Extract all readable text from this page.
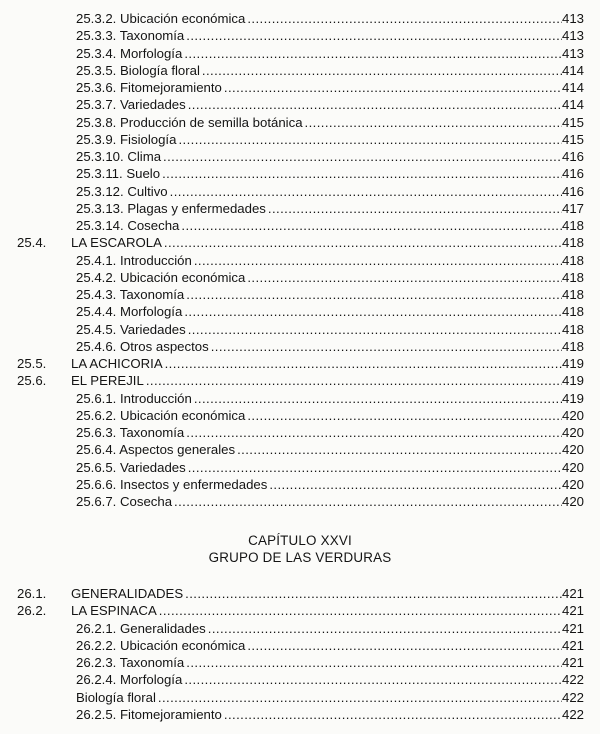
25.3.2. Ubicación económica .....	413
25.3.3. Taxonomía .....	413
25.3.4. Morfología .....	413
25.3.5. Biología floral .....	414
25.3.6. Fitomejoramiento .....	414
25.3.7. Variedades .....	414
25.3.8. Producción de semilla botánica .....	415
25.3.9. Fisiología .....	415
25.3.10. Clima .....	416
25.3.11. Suelo .....	416
25.3.12. Cultivo .....	416
25.3.13. Plagas y enfermedades .....	417
25.3.14. Cosecha .....	418
25.4. LA ESCAROLA .....	418
25.4.1. Introducción .....	418
25.4.2. Ubicación económica .....	418
25.4.3. Taxonomía .....	418
25.4.4. Morfología .....	418
25.4.5. Variedades .....	418
25.4.6. Otros aspectos .....	418
25.5. LA ACHICORIA .....	419
25.6. EL PEREJIL .....	419
25.6.1. Introducción .....	419
25.6.2. Ubicación económica .....	420
25.6.3. Taxonomía .....	420
25.6.4. Aspectos generales .....	420
25.6.5. Variedades .....	420
25.6.6. Insectos y enfermedades .....	420
25.6.7. Cosecha .....	420
CAPÍTULO XXVI
GRUPO DE LAS VERDURAS
26.1. GENERALIDADES .....	421
26.2. LA ESPINACA .....	421
26.2.1. Generalidades .....	421
26.2.2. Ubicación económica .....	421
26.2.3. Taxonomía .....	421
26.2.4. Morfología .....	422
Biología floral .....	422
26.2.5. Fitomejoramiento .....	422
